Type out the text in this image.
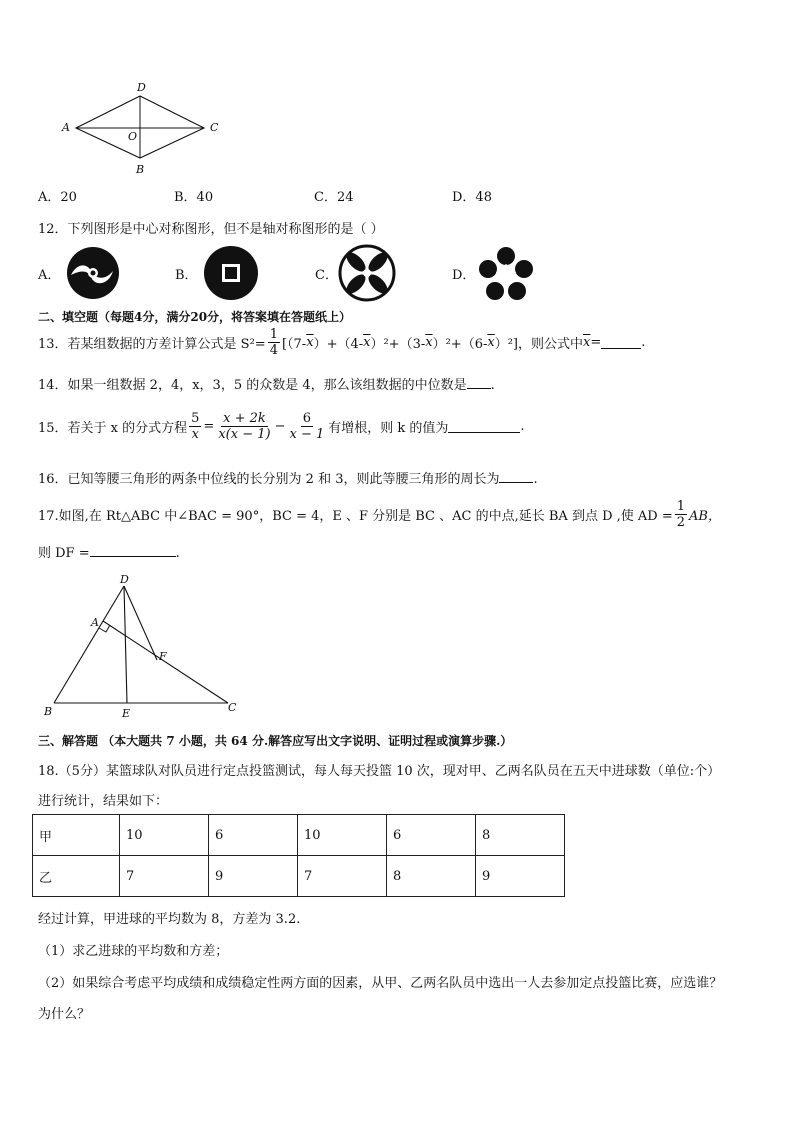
D
A	C
O
B
A．20	B．40	C．24	D．48
12．下列图形是中心对称图形，但不是轴对称图形的是（ ）
A．	B．	C．	D．
二、填空题（每题4分，满分20分，将答案填在答题纸上）
13．若某组数据的方差计算公式是 $S^2= \frac{1}{4} [(7-$ $\overline{x}$ ）+（4- $\overline{x}$ ）²+（3- $\overline{x}$ ）²+（6- $\overline{x}$ ）²]，则公式中 $\overline{x}$ =	.
14．如果一组数据 2，4，x，3，5 的众数是 4，那么该组数据的中位数是 .
15．若关于 x 的分式方程 $\frac{5}{x} = \frac{x + 2k}{x(x - 1)} - \frac{6}{x - 1}$ 有增根，则 k 的值为	.
16．已知等腰三角形的两条中位线的长分别为 2 和 3，则此等腰三角形的周长为	.
17.如图,在 Rt△ABC 中∠BAC = 90°，BC = 4，E 、F 分别是 BC 、AC 的中点,延长 BA 到点 D ,使 AD = $\frac{1}{2}$ AB，
则 DF =	.
D
A
F
B	E	C
三、解答题 （本大题共 7 小题，共 64 分.解答应写出文字说明、证明过程或演算步骤.）
18.（5分）某篮球队对队员进行定点投篮测试，每人每天投篮 10 次，现对甲、乙两名队员在五天中进球数（单位:个）
进行统计，结果如下：
甲	10	6	10	6	8
乙	7	9	7	8	9
经过计算，甲进球的平均数为 8，方差为 3.2.
（1）求乙进球的平均数和方差；
（2）如果综合考虑平均成绩和成绩稳定性两方面的因素，从甲、乙两名队员中选出一人去参加定点投篮比赛，应选谁？
为什么？
